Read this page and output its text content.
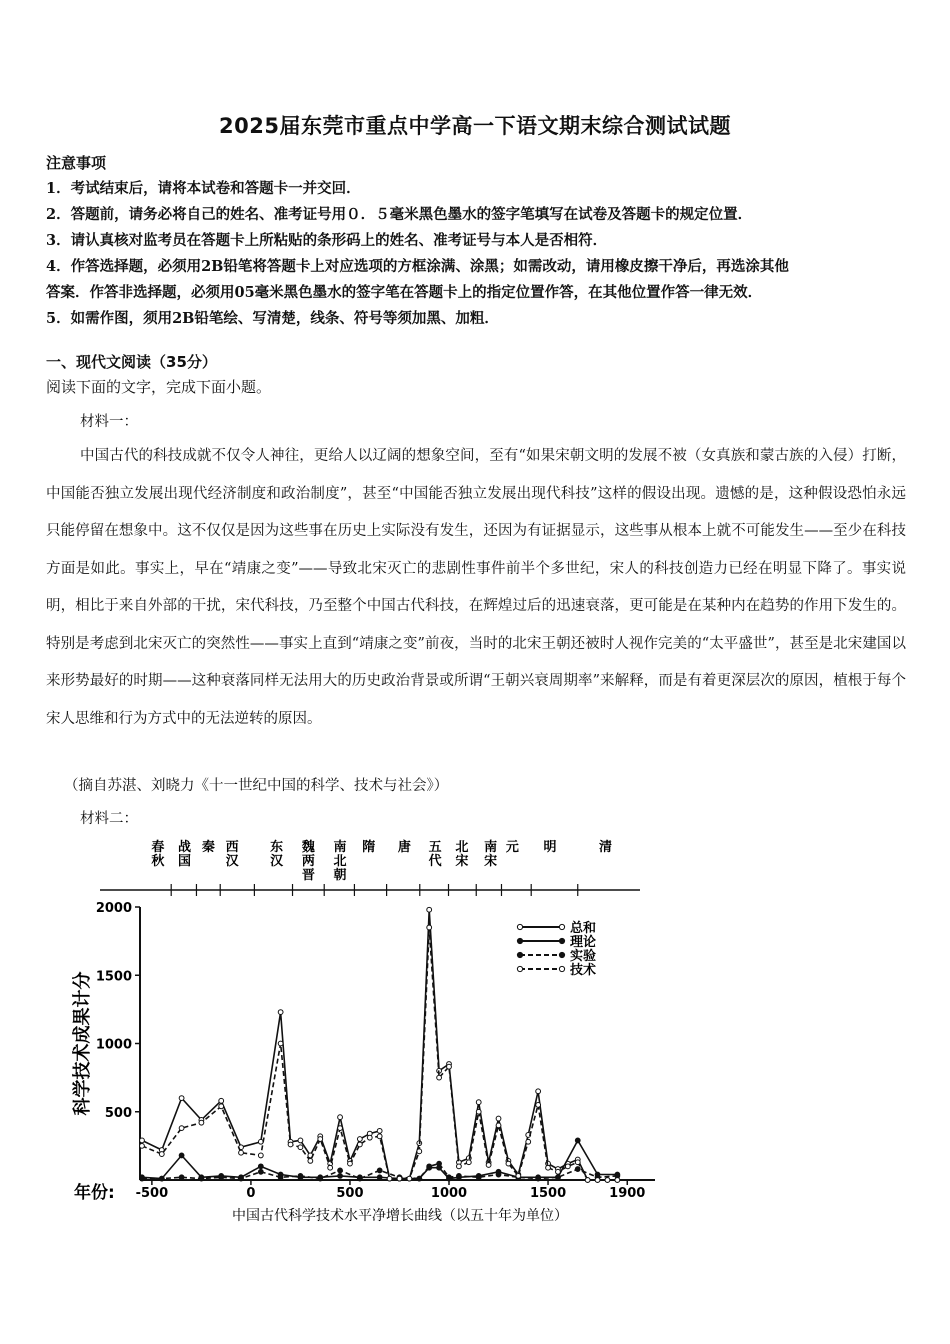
2025届东莞市重点中学高一下语文期末综合测试试题
注意事项
1．考试结束后，请将本试卷和答题卡一并交回．
2．答题前，请务必将自己的姓名、准考证号用０．５毫米黑色墨水的签字笔填写在试卷及答题卡的规定位置．
3．请认真核对监考员在答题卡上所粘贴的条形码上的姓名、准考证号与本人是否相符．
4．作答选择题，必须用2B铅笔将答题卡上对应选项的方框涂满、涂黑；如需改动，请用橡皮擦干净后，再选涂其他
答案．作答非选择题，必须用05毫米黑色墨水的签字笔在答题卡上的指定位置作答，在其他位置作答一律无效．
5．如需作图，须用2B铅笔绘、写清楚，线条、符号等须加黑、加粗．
一、现代文阅读（35分）
阅读下面的文字，完成下面小题。
材料一：

中国古代的科技成就不仅令人神往，更给人以辽阔的想象空间，至有“如果宋朝文明的发展不被（女真族和蒙古族的入侵）打断，中国能否独立发展出现代经济制度和政治制度”，甚至“中国能否独立发展出现代科技”这样的假设出现。遗憾的是，这种假设恐怕永远只能停留在想象中。这不仅仅是因为这些事在历史上实际没有发生，还因为有证据显示，这些事从根本上就不可能发生——至少在科技方面是如此。事实上，早在“靖康之变”——导致北宋灭亡的悲剧性事件前半个多世纪，宋人的科技创造力已经在明显下降了。事实说明，相比于来自外部的干扰，宋代科技，乃至整个中国古代科技，在辉煌过后的迅速衰落，更可能是在某种内在趋势的作用下发生的。特别是考虑到北宋灭亡的突然性——事实上直到“靖康之变”前夜，当时的北宋王朝还被时人视作完美的“太平盛世”，甚至是北宋建国以来形势最好的时期——这种衰落同样无法用大的历史政治背景或所谓“王朝兴衰周期率”来解释，而是有着更深层次的原因，植根于每个宋人思维和行为方式中的无法逆转的原因。

（摘自苏湛、刘晓力《十一世纪中国的科学、技术与社会》）
材料二：
春秋
战国
秦 西汉
东汉
魏两晋
南北朝
隋 唐 五代
北宋
南宋
元 明	清
500
1000
1500
2000
-500	0	500	1000	1500	1900
年份:
科学技术成果计分
总和
理论
实验
技术
中国古代科学技术水平净增长曲线（以五十年为单位）
